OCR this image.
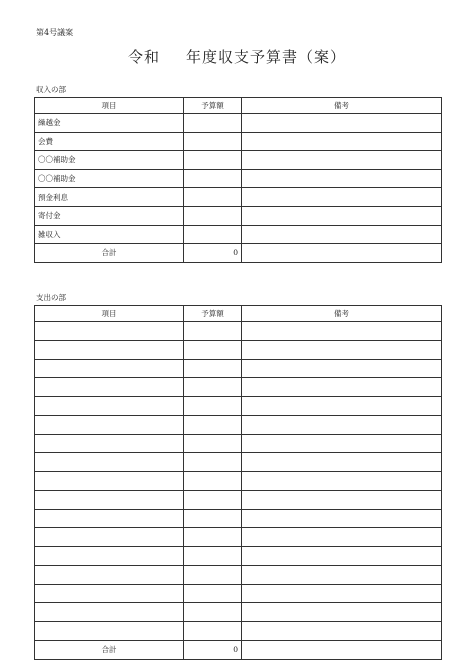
第4号議案
令和 年度収支予算書（案）
収入の部
項目	予算額	備考
繰越金		
会費		
〇〇補助金		
〇〇補助金		
預金利息		
寄付金		
雑収入		
合計	0	
支出の部
項目	予算額	備考

合計	0	
